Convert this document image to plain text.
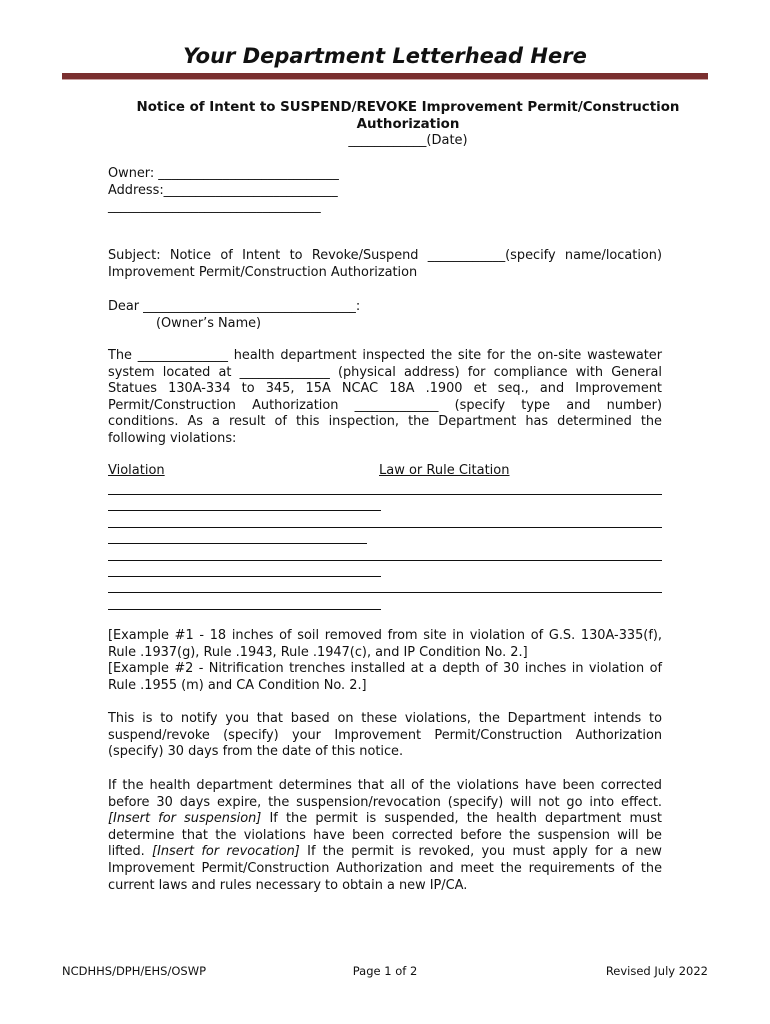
Your Department Letterhead Here
Notice of Intent to SUSPEND/REVOKE Improvement Permit/Construction
Authorization
____________(Date)
Owner: ____________________________
Address:___________________________
_________________________________
Subject: Notice of Intent to Revoke/Suspend ____________(specify name/location) Improvement Permit/Construction Authorization
Dear _________________________________:
(Owner’s Name)
The ______________ health department inspected the site for the on-site wastewater system located at ______________ (physical address) for compliance with General Statues 130A-334 to 345, 15A NCAC 18A .1900 et seq., and Improvement Permit/Construction Authorization _____________ (specify type and number) conditions. As a result of this inspection, the Department has determined the following violations:
Violation	Law or Rule Citation
[Example #1 - 18 inches of soil removed from site in violation of G.S. 130A-335(f), Rule .1937(g), Rule .1943, Rule .1947(c), and IP Condition No. 2.]
[Example #2 - Nitrification trenches installed at a depth of 30 inches in violation of Rule .1955 (m) and CA Condition No. 2.]
This is to notify you that based on these violations, the Department intends to suspend/revoke (specify) your Improvement Permit/Construction Authorization (specify) 30 days from the date of this notice.
If the health department determines that all of the violations have been corrected before 30 days expire, the suspension/revocation (specify) will not go into effect. [Insert for suspension] If the permit is suspended, the health department must determine that the violations have been corrected before the suspension will be lifted. [Insert for revocation] If the permit is revoked, you must apply for a new Improvement Permit/Construction Authorization and meet the requirements of the current laws and rules necessary to obtain a new IP/CA.
NCDHHS/DPH/EHS/OSWP	Page 1 of 2	Revised July 2022
